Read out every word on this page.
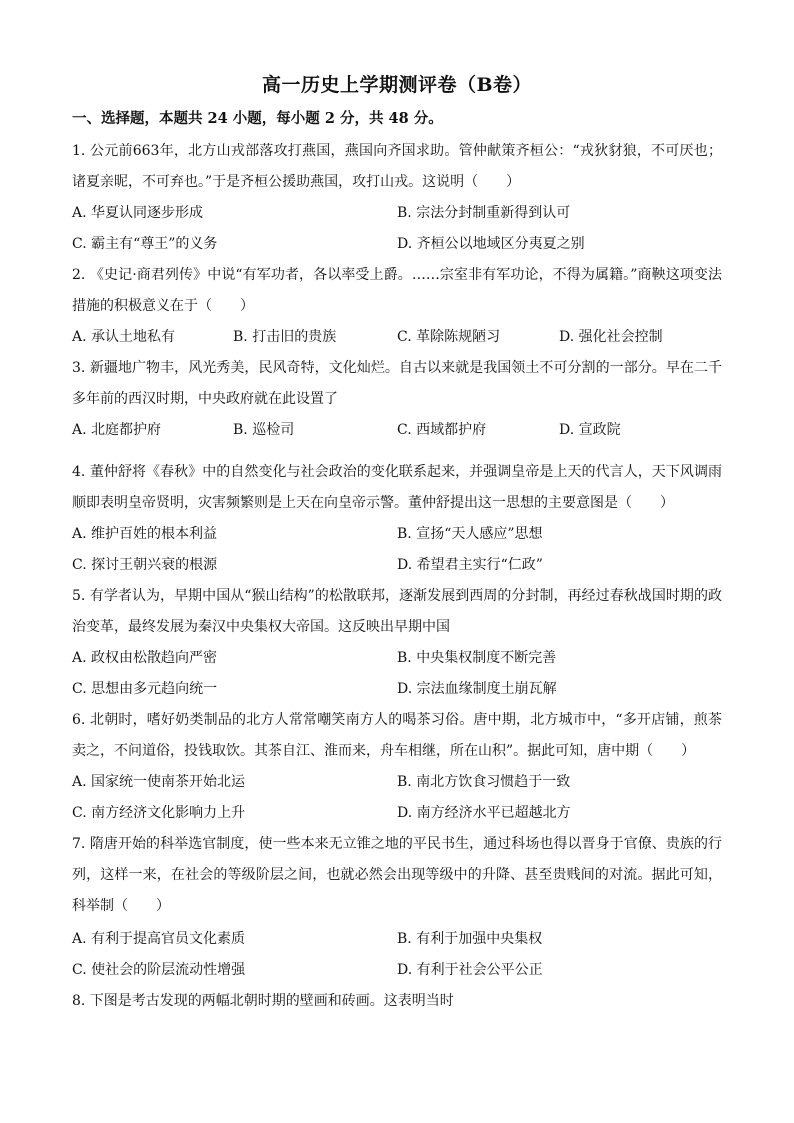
高一历史上学期测评卷（B卷）
一、选择题，本题共 24 小题，每小题 2 分，共 48 分。
1. 公元前663年，北方山戎部落攻打燕国，燕国向齐国求助。管仲献策齐桓公：“戎狄豺狼，不可厌也；诸夏亲昵，不可弃也。”于是齐桓公援助燕国，攻打山戎。这说明（　　）
A. 华夏认同逐步形成	B. 宗法分封制重新得到认可
C. 霸主有“尊王”的义务	D. 齐桓公以地域区分夷夏之别
2. 《史记·商君列传》中说“有军功者，各以率受上爵。……宗室非有军功论，不得为属籍。”商鞅这项变法措施的积极意义在于（　　）
A. 承认土地私有	B. 打击旧的贵族	C. 革除陈规陋习	D. 强化社会控制
3. 新疆地广物丰，风光秀美，民风奇特，文化灿烂。自古以来就是我国领土不可分割的一部分。早在二千多年前的西汉时期，中央政府就在此设置了
A. 北庭都护府	B. 巡检司	C. 西域都护府	D. 宣政院
4. 董仲舒将《春秋》中的自然变化与社会政治的变化联系起来，并强调皇帝是上天的代言人，天下风调雨顺即表明皇帝贤明，灾害频繁则是上天在向皇帝示警。董仲舒提出这一思想的主要意图是（　　）
A. 维护百姓的根本利益	B. 宣扬“天人感应”思想
C. 探讨王朝兴衰的根源	D. 希望君主实行“仁政”
5. 有学者认为，早期中国从“猴山结构”的松散联邦，逐渐发展到西周的分封制，再经过春秋战国时期的政治变革，最终发展为秦汉中央集权大帝国。这反映出早期中国
A. 政权由松散趋向严密	B. 中央集权制度不断完善
C. 思想由多元趋向统一	D. 宗法血缘制度土崩瓦解
6. 北朝时，嗜好奶类制品的北方人常常嘲笑南方人的喝茶习俗。唐中期，北方城市中，“多开店铺，煎茶卖之，不问道俗，投钱取饮。其茶自江、淮而来，舟车相继，所在山积”。据此可知，唐中期（　　）
A. 国家统一使南茶开始北运	B. 南北方饮食习惯趋于一致
C. 南方经济文化影响力上升	D. 南方经济水平已超越北方
7. 隋唐开始的科举选官制度，使一些本来无立锥之地的平民书生，通过科场也得以晋身于官僚、贵族的行列，这样一来，在社会的等级阶层之间，也就必然会出现等级中的升降、甚至贵贱间的对流。据此可知，科举制（　　）
A. 有利于提高官员文化素质	B. 有利于加强中央集权
C. 使社会的阶层流动性增强	D. 有利于社会公平公正
8. 下图是考古发现的两幅北朝时期的壁画和砖画。这表明当时
